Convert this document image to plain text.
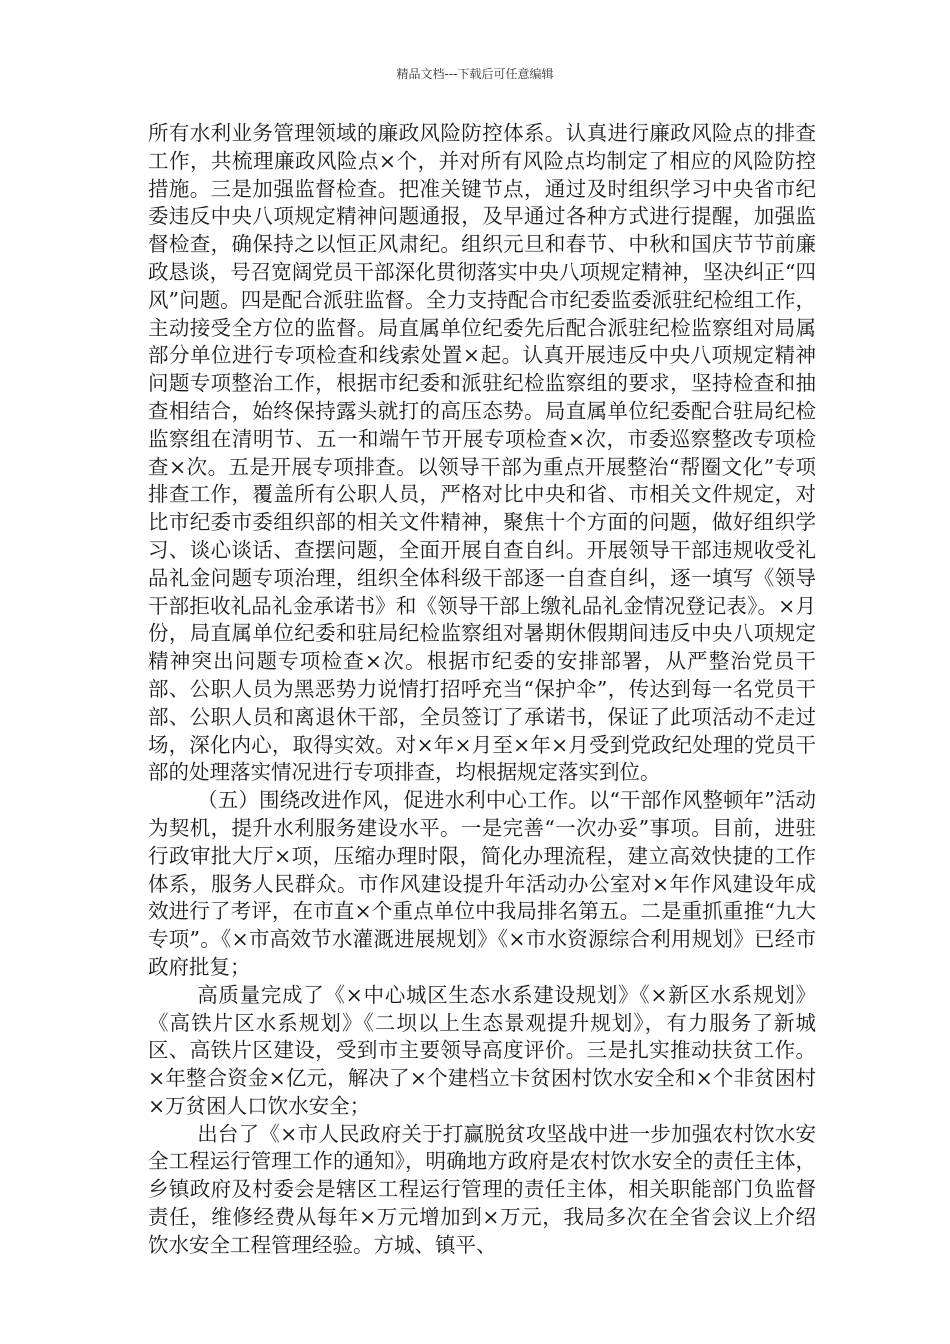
精品文档---下载后可任意编辑

所有水利业务管理领域的廉政风险防控体系。认真进行廉政风险点的排查工作，共梳理廉政风险点×个，并对所有风险点均制定了相应的风险防控措施。三是加强监督检查。把准关键节点，通过及时组织学习中央省市纪委违反中央八项规定精神问题通报，及早通过各种方式进行提醒，加强监督检查，确保持之以恒正风肃纪。组织元旦和春节、中秋和国庆节节前廉政恳谈，号召宽阔党员干部深化贯彻落实中央八项规定精神，坚决纠正“四风”问题。四是配合派驻监督。全力支持配合市纪委监委派驻纪检组工作，主动接受全方位的监督。局直属单位纪委先后配合派驻纪检监察组对局属部分单位进行专项检查和线索处置×起。认真开展违反中央八项规定精神问题专项整治工作，根据市纪委和派驻纪检监察组的要求，坚持检查和抽查相结合，始终保持露头就打的高压态势。局直属单位纪委配合驻局纪检监察组在清明节、五一和端午节开展专项检查×次，市委巡察整改专项检查×次。五是开展专项排查。以领导干部为重点开展整治“帮圈文化”专项排查工作，覆盖所有公职人员，严格对比中央和省、市相关文件规定，对比市纪委市委组织部的相关文件精神，聚焦十个方面的问题，做好组织学习、谈心谈话、查摆问题，全面开展自查自纠。开展领导干部违规收受礼品礼金问题专项治理，组织全体科级干部逐一自查自纠，逐一填写《领导干部拒收礼品礼金承诺书》和《领导干部上缴礼品礼金情况登记表》。×月份，局直属单位纪委和驻局纪检监察组对暑期休假期间违反中央八项规定精神突出问题专项检查×次。根据市纪委的安排部署，从严整治党员干部、公职人员为黑恶势力说情打招呼充当“保护伞”，传达到每一名党员干部、公职人员和离退休干部，全员签订了承诺书，保证了此项活动不走过场，深化内心，取得实效。对×年×月至×年×月受到党政纪处理的党员干部的处理落实情况进行专项排查，均根据规定落实到位。

（五）围绕改进作风，促进水利中心工作。以“干部作风整顿年”活动为契机，提升水利服务建设水平。一是完善“一次办妥”事项。目前，进驻行政审批大厅×项，压缩办理时限，简化办理流程，建立高效快捷的工作体系，服务人民群众。市作风建设提升年活动办公室对×年作风建设年成效进行了考评，在市直×个重点单位中我局排名第五。二是重抓重推“九大专项”。《×市高效节水灌溉进展规划》《×市水资源综合利用规划》已经市政府批复；

高质量完成了《×中心城区生态水系建设规划》《×新区水系规划》《高铁片区水系规划》《二坝以上生态景观提升规划》，有力服务了新城区、高铁片区建设，受到市主要领导高度评价。三是扎实推动扶贫工作。×年整合资金×亿元，解决了×个建档立卡贫困村饮水安全和×个非贫困村×万贫困人口饮水安全；

出台了《×市人民政府关于打赢脱贫攻坚战中进一步加强农村饮水安全工程运行管理工作的通知》，明确地方政府是农村饮水安全的责任主体，乡镇政府及村委会是辖区工程运行管理的责任主体，相关职能部门负监督责任，维修经费从每年×万元增加到×万元，我局多次在全省会议上介绍饮水安全工程管理经验。方城、镇平、
